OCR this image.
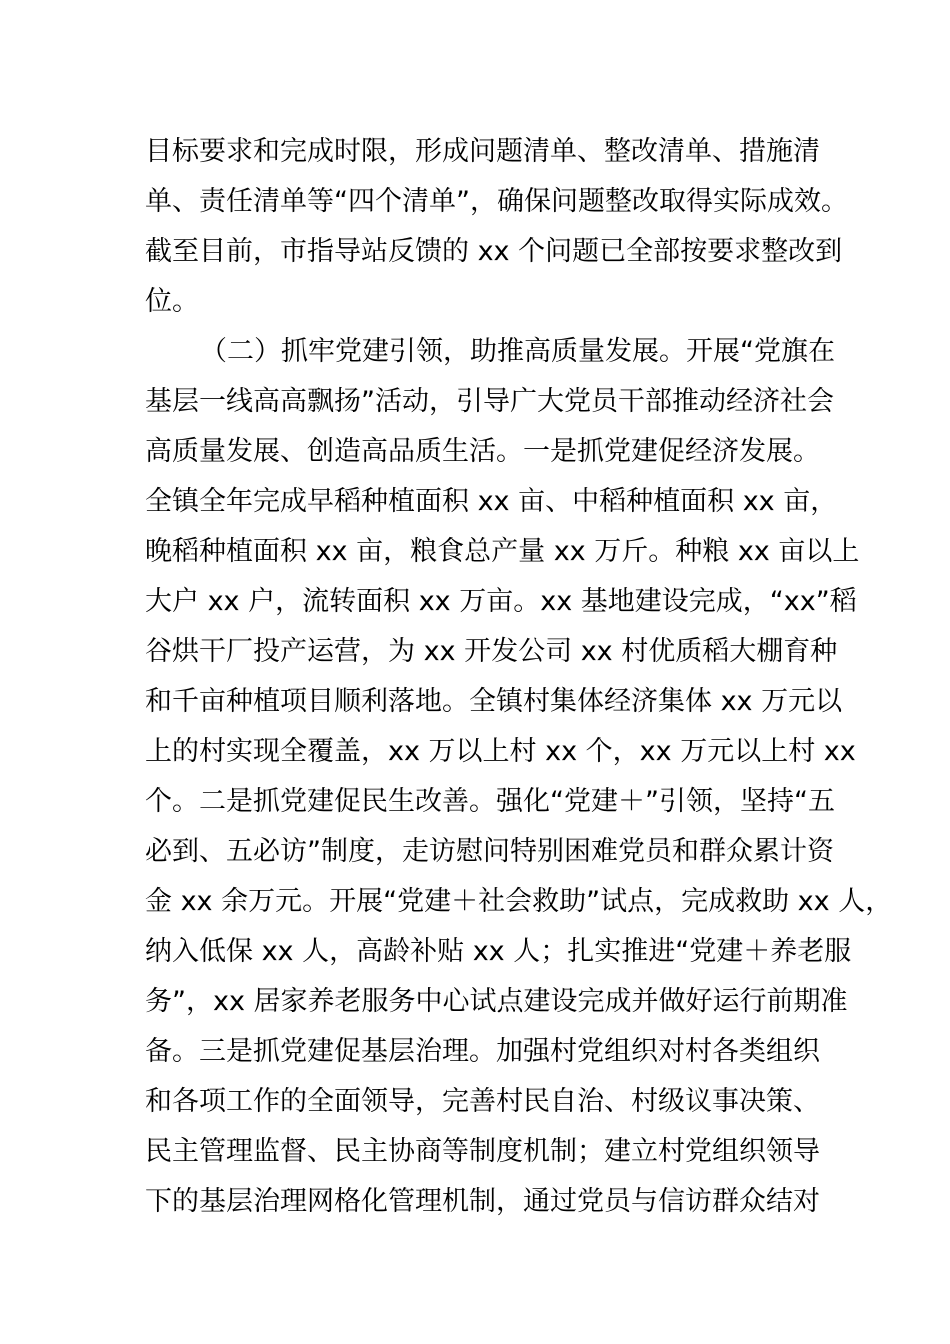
目标要求和完成时限，形成问题清单、整改清单、措施清
单、责任清单等“四个清单”，确保问题整改取得实际成效。
截至目前，市指导站反馈的 xx 个问题已全部按要求整改到
位。
（二）抓牢党建引领，助推高质量发展。开展“党旗在
基层一线高高飘扬”活动，引导广大党员干部推动经济社会
高质量发展、创造高品质生活。一是抓党建促经济发展。
全镇全年完成早稻种植面积 xx 亩、中稻种植面积 xx 亩，
晚稻种植面积 xx 亩，粮食总产量 xx 万斤。种粮 xx 亩以上
大户 xx 户，流转面积 xx 万亩。xx 基地建设完成，“xx”稻
谷烘干厂投产运营，为 xx 开发公司 xx 村优质稻大棚育种
和千亩种植项目顺利落地。全镇村集体经济集体 xx 万元以
上的村实现全覆盖，xx 万以上村 xx 个，xx 万元以上村 xx
个。二是抓党建促民生改善。强化“党建＋”引领，坚持“五
必到、五必访”制度，走访慰问特别困难党员和群众累计资
金 xx 余万元。开展“党建＋社会救助”试点，完成救助 xx 人，
纳入低保 xx 人，高龄补贴 xx 人；扎实推进“党建＋养老服
务”，xx 居家养老服务中心试点建设完成并做好运行前期准
备。三是抓党建促基层治理。加强村党组织对村各类组织
和各项工作的全面领导，完善村民自治、村级议事决策、
民主管理监督、民主协商等制度机制；建立村党组织领导
下的基层治理网格化管理机制，通过党员与信访群众结对
